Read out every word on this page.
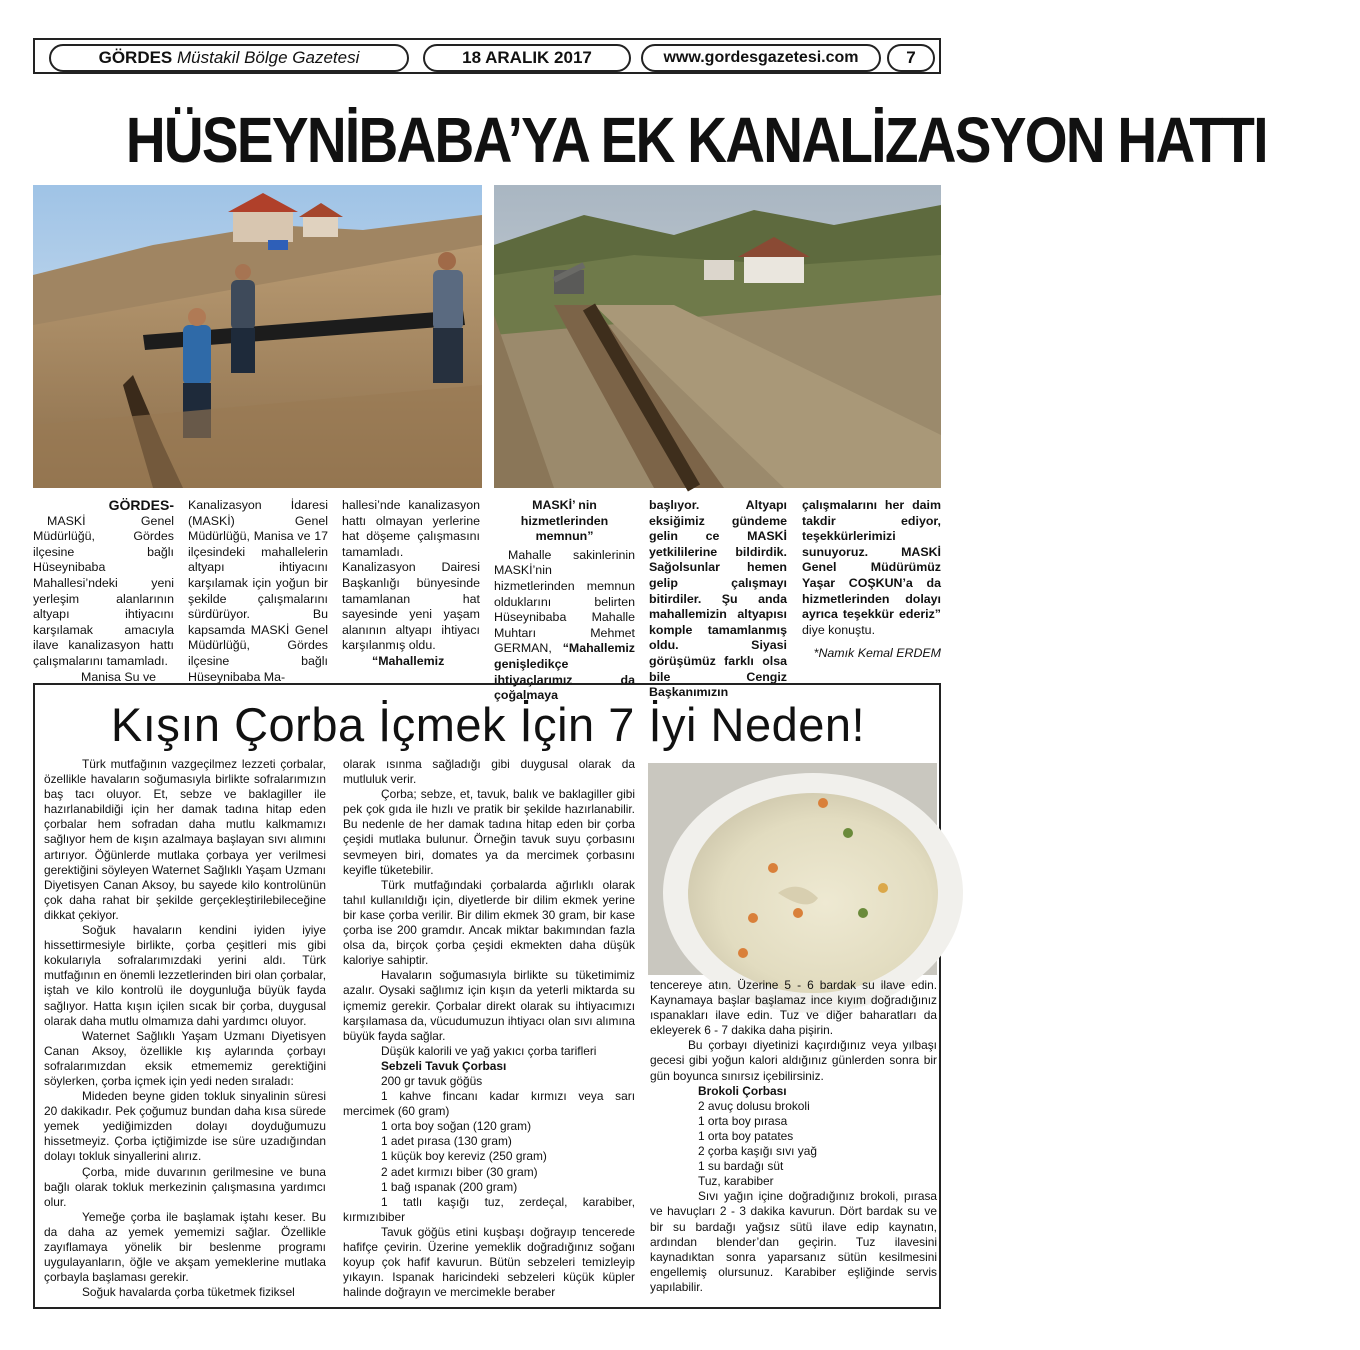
GÖRDES Müstakil Bölge Gazetesi	18 ARALIK 2017	www.gordesgazetesi.com	7
HÜSEYNİBABA’YA EK KANALİZASYON HATTI
GÖRDES-

MASKİ Genel Müdürlüğü, Gördes ilçesine bağlı Hüseynibaba Mahallesi’ndeki yeni yerleşim alanlarının altyapı ihtiyacını karşılamak amacıyla ilave kanalizasyon hattı çalışmalarını tamamladı.

Manisa Su ve

Kanalizasyon İdaresi (MASKİ) Genel Müdürlüğü, Manisa ve 17 ilçesindeki mahallelerin altyapı ihtiyacını karşılamak için yoğun bir şekilde çalışmalarını sürdürüyor. Bu kapsamda MASKİ Genel Müdürlüğü, Gördes ilçesine bağlı Hüseynibaba Ma-

hallesi’nde kanalizasyon hattı olmayan yerlerine hat döşeme çalışmasını tamamladı. Kanalizasyon Dairesi Başkanlığı bünyesinde tamamlanan hat sayesinde yeni yaşam alanının altyapı ihtiyacı karşılanmış oldu.

“Mahallemiz

MASKİ’ nin hizmetlerinden memnun”

Mahalle sakinlerinin MASKİ’nin hizmetlerinden memnun olduklarını belirten Hüseynibaba Mahalle Muhtarı Mehmet GERMAN, “Mahallemiz genişledikçe ihtiyaçlarımız da çoğalmaya

başlıyor. Altyapı eksiğimiz gündeme gelin ce MASKİ yetkililerine bildirdik. Sağolsunlar hemen gelip çalışmayı bitirdiler. Şu anda mahallemizin altyapısı komple tamamlanmış oldu. Siyasi görüşümüz farklı olsa bile Cengiz Başkanımızın

çalışmalarını her daim takdir ediyor, teşekkürlerimizi sunuyoruz. MASKİ Genel Müdürümüz Yaşar COŞKUN’a da hizmetlerinden dolayı ayrıca teşekkür ederiz” diye konuştu.

*Namık Kemal ERDEM
Kışın Çorba İçmek İçin 7 İyi Neden!

Türk mutfağının vazgeçilmez lezzeti çorbalar, özellikle havaların soğumasıyla birlikte sofralarımızın baş tacı oluyor. Et, sebze ve baklagiller ile hazırlanabildiği için her damak tadına hitap eden çorbalar hem sofradan daha mutlu kalkmamızı sağlıyor hem de kışın azalmaya başlayan sıvı alımını artırıyor. Öğünlerde mutlaka çorbaya yer verilmesi gerektiğini söyleyen Waternet Sağlıklı Yaşam Uzmanı Diyetisyen Canan Aksoy, bu sayede kilo kontrolünün çok daha rahat bir şekilde gerçekleştirilebileceğine dikkat çekiyor.

Soğuk havaların kendini iyiden iyiye hissettirmesiyle birlikte, çorba çeşitleri mis gibi kokularıyla sofralarımızdaki yerini aldı. Türk mutfağının en önemli lezzetlerinden biri olan çorbalar, iştah ve kilo kontrolü ile doygunluğa büyük fayda sağlıyor. Hatta kışın içilen sıcak bir çorba, duygusal olarak daha mutlu olmamıza dahi yardımcı oluyor.

Waternet Sağlıklı Yaşam Uzmanı Diyetisyen Canan Aksoy, özellikle kış aylarında çorbayı sofralarımızdan eksik etmememiz gerektiğini söylerken, çorba içmek için yedi neden sıraladı:

Mideden beyne giden tokluk sinyalinin süresi 20 dakikadır. Pek çoğumuz bundan daha kısa sürede yemek yediğimizden dolayı doyduğumuzu hissetmeyiz. Çorba içtiğimizde ise süre uzadığından dolayı tokluk sinyallerini alırız.

Çorba, mide duvarının gerilmesine ve buna bağlı olarak tokluk merkezinin çalışmasına yardımcı olur.

Yemeğe çorba ile başlamak iştahı keser. Bu da daha az yemek yememizi sağlar. Özellikle zayıflamaya yönelik bir beslenme programı uygulayanların, öğle ve akşam yemeklerine mutlaka çorbayla başlaması gerekir.

Soğuk havalarda çorba tüketmek fiziksel

olarak ısınma sağladığı gibi duygusal olarak da mutluluk verir.

Çorba; sebze, et, tavuk, balık ve baklagiller gibi pek çok gıda ile hızlı ve pratik bir şekilde hazırlanabilir. Bu nedenle de her damak tadına hitap eden bir çorba çeşidi mutlaka bulunur. Örneğin tavuk suyu çorbasını sevmeyen biri, domates ya da mercimek çorbasını keyifle tüketebilir.

Türk mutfağındaki çorbalarda ağırlıklı olarak tahıl kullanıldığı için, diyetlerde bir dilim ekmek yerine bir kase çorba verilir. Bir dilim ekmek 30 gram, bir kase çorba ise 200 gramdır. Ancak miktar bakımından fazla olsa da, birçok çorba çeşidi ekmekten daha düşük kaloriye sahiptir.

Havaların soğumasıyla birlikte su tüketimimiz azalır. Oysaki sağlımız için kışın da yeterli miktarda su içmemiz gerekir. Çorbalar direkt olarak su ihtiyacımızı karşılamasa da, vücudumuzun ihtiyacı olan sıvı alımına büyük fayda sağlar.

Düşük kalorili ve yağ yakıcı çorba tarifleri

Sebzeli Tavuk Çorbası

200 gr tavuk göğüs

1 kahve fincanı kadar kırmızı veya sarı mercimek (60 gram)

1 orta boy soğan (120 gram)

1 adet pırasa (130 gram)

1 küçük boy kereviz (250 gram)

2 adet kırmızı biber (30 gram)

1 bağ ıspanak (200 gram)

1 tatlı kaşığı tuz, zerdeçal, karabiber, kırmızıbiber

Tavuk göğüs etini kuşbaşı doğrayıp tencerede hafifçe çevirin. Üzerine yemeklik doğradığınız soğanı koyup çok hafif kavurun. Bütün sebzeleri temizleyip yıkayın. Ispanak haricindeki sebzeleri küçük küpler halinde doğrayın ve mercimekle beraber

tencereye atın. Üzerine 5 - 6 bardak su ilave edin. Kaynamaya başlar başlamaz ince kıyım doğradığınız ıspanakları ilave edin. Tuz ve diğer baharatları da ekleyerek 6 - 7 dakika daha pişirin.

Bu çorbayı diyetinizi kaçırdığınız veya yılbaşı gecesi gibi yoğun kalori aldığınız günlerden sonra bir gün boyunca sınırsız içebilirsiniz.

Brokoli Çorbası

2 avuç dolusu brokoli

1 orta boy pırasa

1 orta boy patates

2 çorba kaşığı sıvı yağ

1 su bardağı süt

Tuz, karabiber

Sıvı yağın içine doğradığınız brokoli, pırasa ve havuçları 2 - 3 dakika kavurun. Dört bardak su ve bir su bardağı yağsız sütü ilave edip kaynatın, ardından blender’dan geçirin. Tuz ilavesini kaynadıktan sonra yaparsanız sütün kesilmesini engellemiş olursunuz. Karabiber eşliğinde servis yapılabilir.
